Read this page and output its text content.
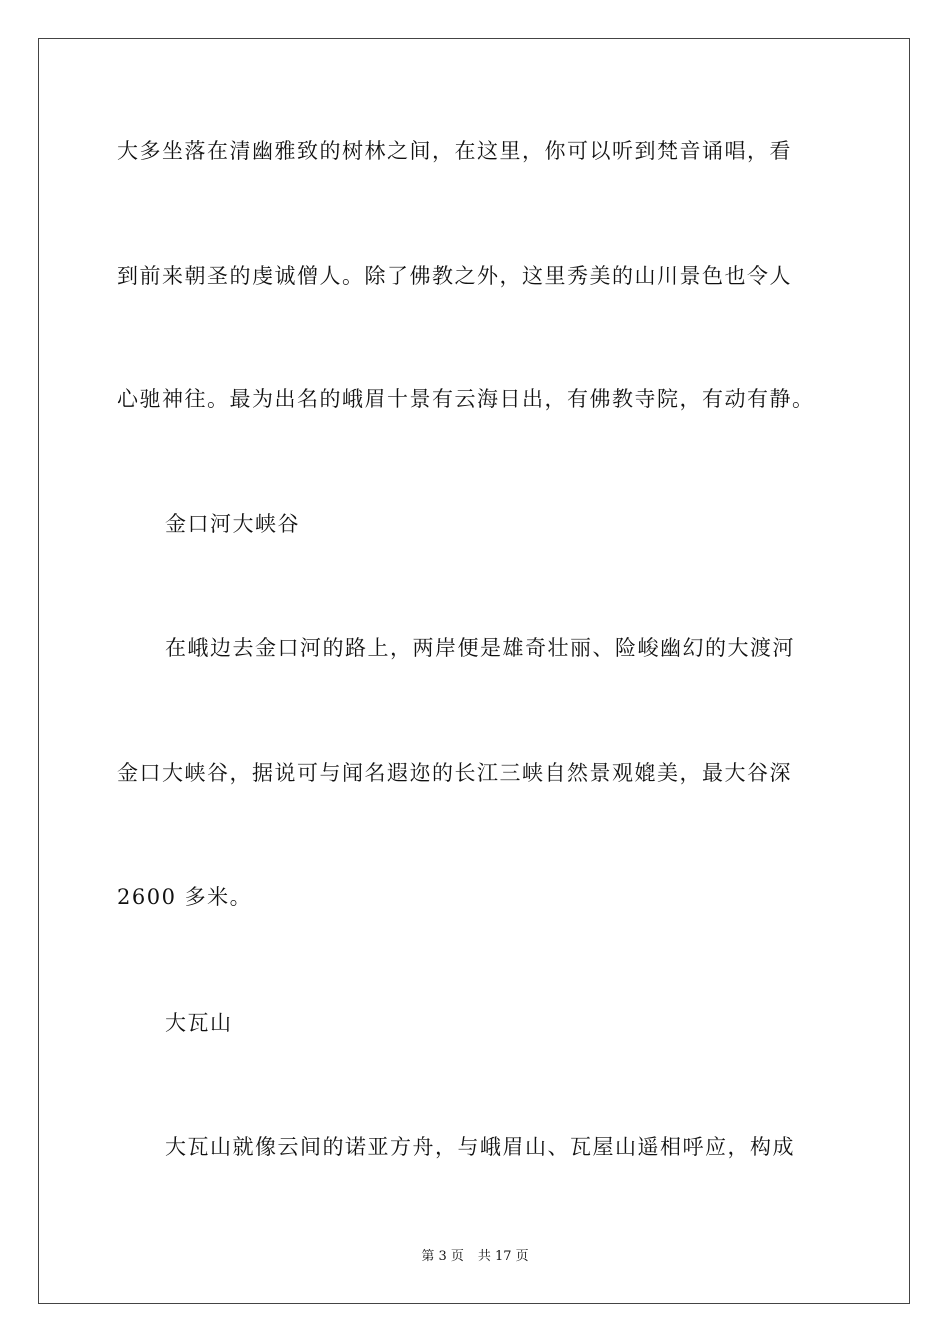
大多坐落在清幽雅致的树林之间，在这里，你可以听到梵音诵唱，看
到前来朝圣的虔诚僧人。除了佛教之外，这里秀美的山川景色也令人
心驰神往。最为出名的峨眉十景有云海日出，有佛教寺院，有动有静。
金口河大峡谷
在峨边去金口河的路上，两岸便是雄奇壮丽、险峻幽幻的大渡河
金口大峡谷，据说可与闻名遐迩的长江三峡自然景观媲美，最大谷深
2600 多米。
大瓦山
大瓦山就像云间的诺亚方舟，与峨眉山、瓦屋山遥相呼应，构成
第 3 页 共 17 页
